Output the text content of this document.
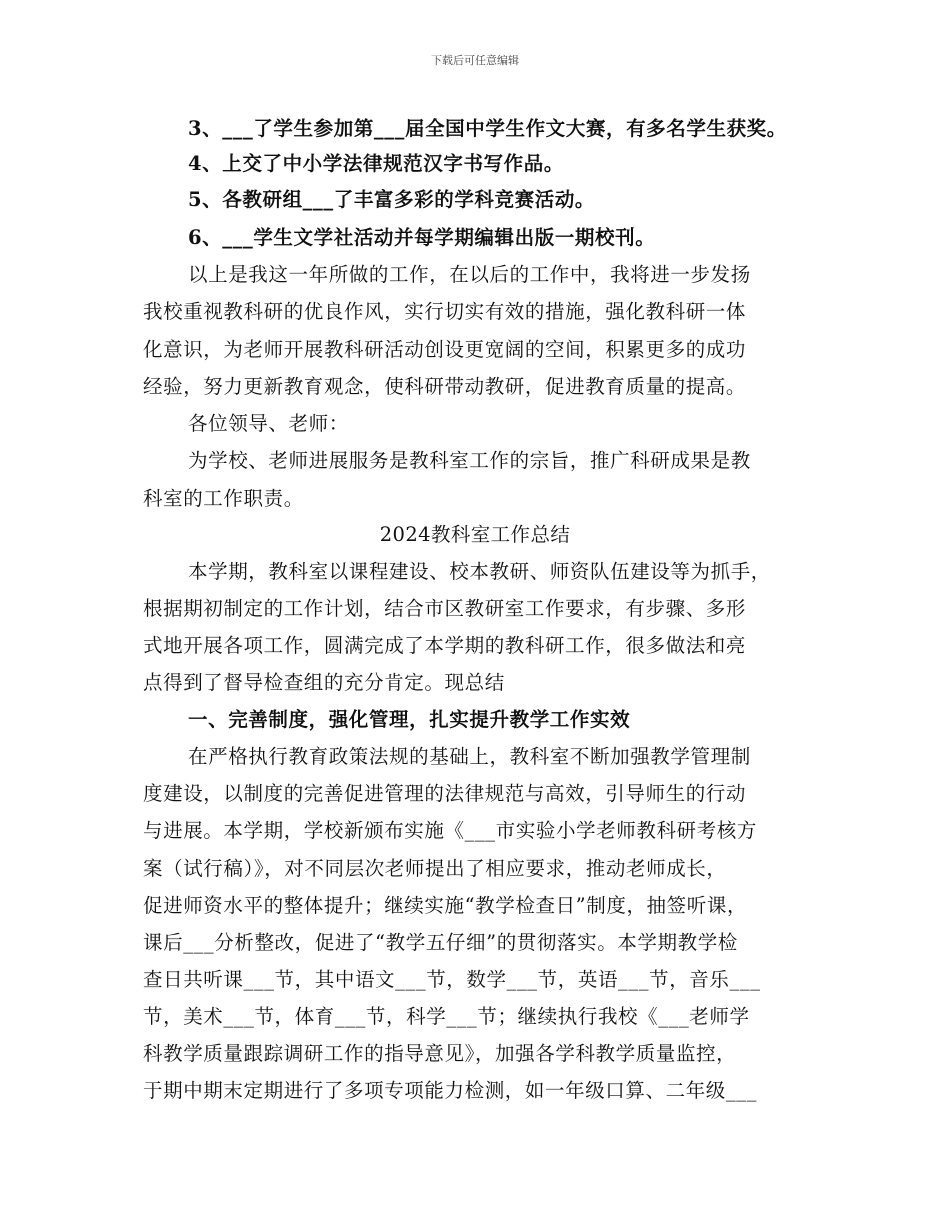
下载后可任意编辑
3、___了学生参加第___届全国中学生作文大赛，有多名学生获奖。
4、上交了中小学法律规范汉字书写作品。
5、各教研组___了丰富多彩的学科竞赛活动。
6、___学生文学社活动并每学期编辑出版一期校刊。
以上是我这一年所做的工作，在以后的工作中，我将进一步发扬
我校重视教科研的优良作风，实行切实有效的措施，强化教科研一体
化意识，为老师开展教科研活动创设更宽阔的空间，积累更多的成功
经验，努力更新教育观念，使科研带动教研，促进教育质量的提高。
各位领导、老师：
为学校、老师进展服务是教科室工作的宗旨，推广科研成果是教
科室的工作职责。
2024教科室工作总结
本学期，教科室以课程建设、校本教研、师资队伍建设等为抓手，
根据期初制定的工作计划，结合市区教研室工作要求，有步骤、多形
式地开展各项工作，圆满完成了本学期的教科研工作，很多做法和亮
点得到了督导检查组的充分肯定。现总结
一、完善制度，强化管理，扎实提升教学工作实效
在严格执行教育政策法规的基础上，教科室不断加强教学管理制
度建设，以制度的完善促进管理的法律规范与高效，引导师生的行动
与进展。本学期，学校新颁布实施《___市实验小学老师教科研考核方
案（试行稿）》，对不同层次老师提出了相应要求，推动老师成长，
促进师资水平的整体提升；继续实施“教学检查日”制度，抽签听课，
课后___分析整改，促进了“教学五仔细”的贯彻落实。本学期教学检
查日共听课___节，其中语文___节，数学___节，英语___节，音乐___
节，美术___节，体育___节，科学___节；继续执行我校《___老师学
科教学质量跟踪调研工作的指导意见》，加强各学科教学质量监控，
于期中期末定期进行了多项专项能力检测，如一年级口算、二年级___
